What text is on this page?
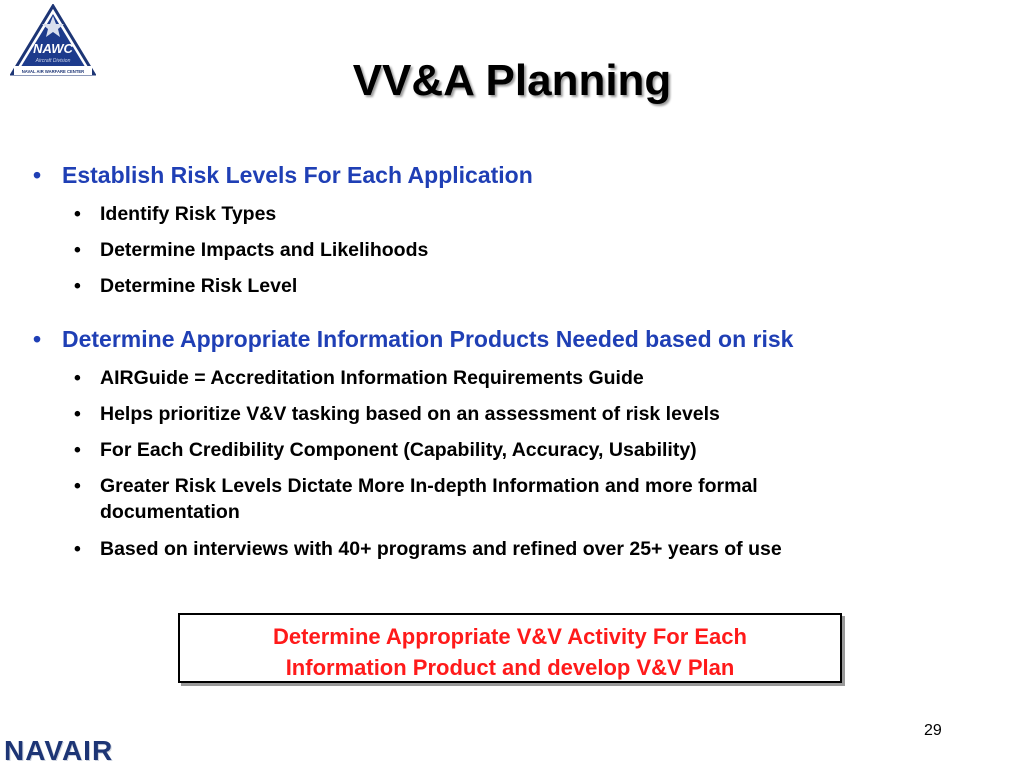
NAWC
Aircraft Division
NAVAL AIR WARFARE CENTER	VV&A Planning
• Establish Risk Levels For Each Application
• Identify Risk Types
• Determine Impacts and Likelihoods
• Determine Risk Level
• Determine Appropriate Information Products Needed based on risk
• AIRGuide = Accreditation Information Requirements Guide
• Helps prioritize V&V tasking based on an assessment of risk levels
• For Each Credibility Component (Capability, Accuracy, Usability)
• Greater Risk Levels Dictate More In-depth Information and more formal documentation
• Based on interviews with 40+ programs and refined over 25+ years of use
Determine Appropriate V&V Activity For Each
Information Product and develop V&V Plan
29
NAVAIR
